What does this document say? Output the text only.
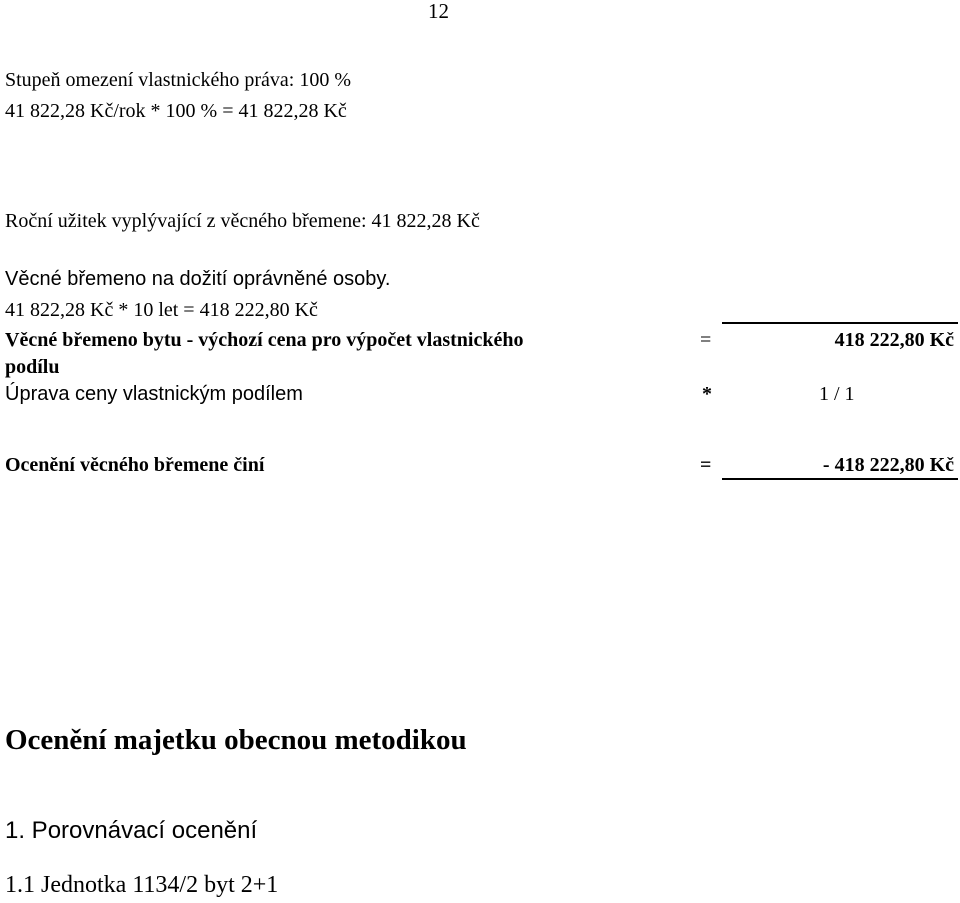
12
Stupeň omezení vlastnického práva: 100 %
41 822,28 Kč/rok * 100 % = 41 822,28 Kč
Roční užitek vyplývající z věcného břemene: 41 822,28 Kč
Věcné břemeno na dožití oprávněné osoby.
41 822,28 Kč * 10 let = 418 222,80 Kč
Věcné břemeno bytu - výchozí cena pro výpočet vlastnického
podílu
=	418 222,80 Kč
Úprava ceny vlastnickým podílem	*	1 / 1
Ocenění věcného břemene činí	=	- 418 222,80 Kč
Ocenění majetku obecnou metodikou
1. Porovnávací ocenění
1.1 Jednotka 1134/2 byt 2+1
